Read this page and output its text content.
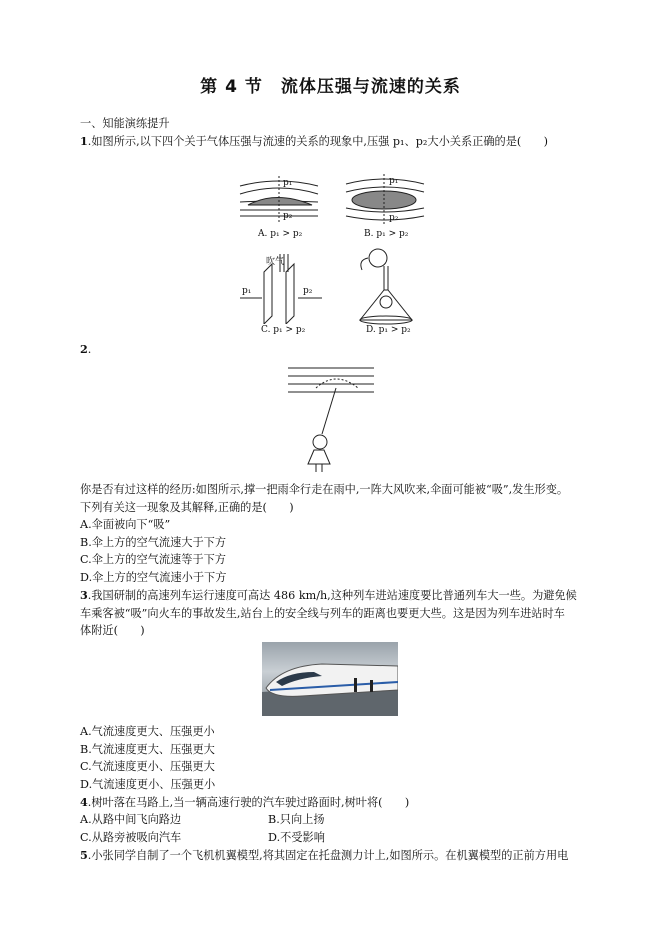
第 4 节　流体压强与流速的关系
一、知能演练提升
1.如图所示,以下四个关于气体压强与流速的关系的现象中,压强 p₁、p₂大小关系正确的是(　　)
p₁
p₂
A. p₁ > p₂
p₁
p₂
B. p₁ > p₂
吹气
p₁	p₂
C. p₁ > p₂	D. p₁ > p₂
2.
你是否有过这样的经历:如图所示,撑一把雨伞行走在雨中,一阵大风吹来,伞面可能被“吸”,发生形变。
下列有关这一现象及其解释,正确的是(　　)
A.伞面被向下“吸”
B.伞上方的空气流速大于下方
C.伞上方的空气流速等于下方
D.伞上方的空气流速小于下方
3.我国研制的高速列车运行速度可高达 486 km/h,这种列车进站速度要比普通列车大一些。为避免候
车乘客被“吸”向火车的事故发生,站台上的安全线与列车的距离也要更大些。这是因为列车进站时车
体附近(　　)
A.气流速度更大、压强更小
B.气流速度更大、压强更大
C.气流速度更小、压强更大
D.气流速度更小、压强更小
4.树叶落在马路上,当一辆高速行驶的汽车驶过路面时,树叶将(　　)
A.从路中间飞向路边	B.只向上扬
C.从路旁被吸向汽车	D.不受影响
5.小张同学自制了一个飞机机翼模型,将其固定在托盘测力计上,如图所示。在机翼模型的正前方用电
